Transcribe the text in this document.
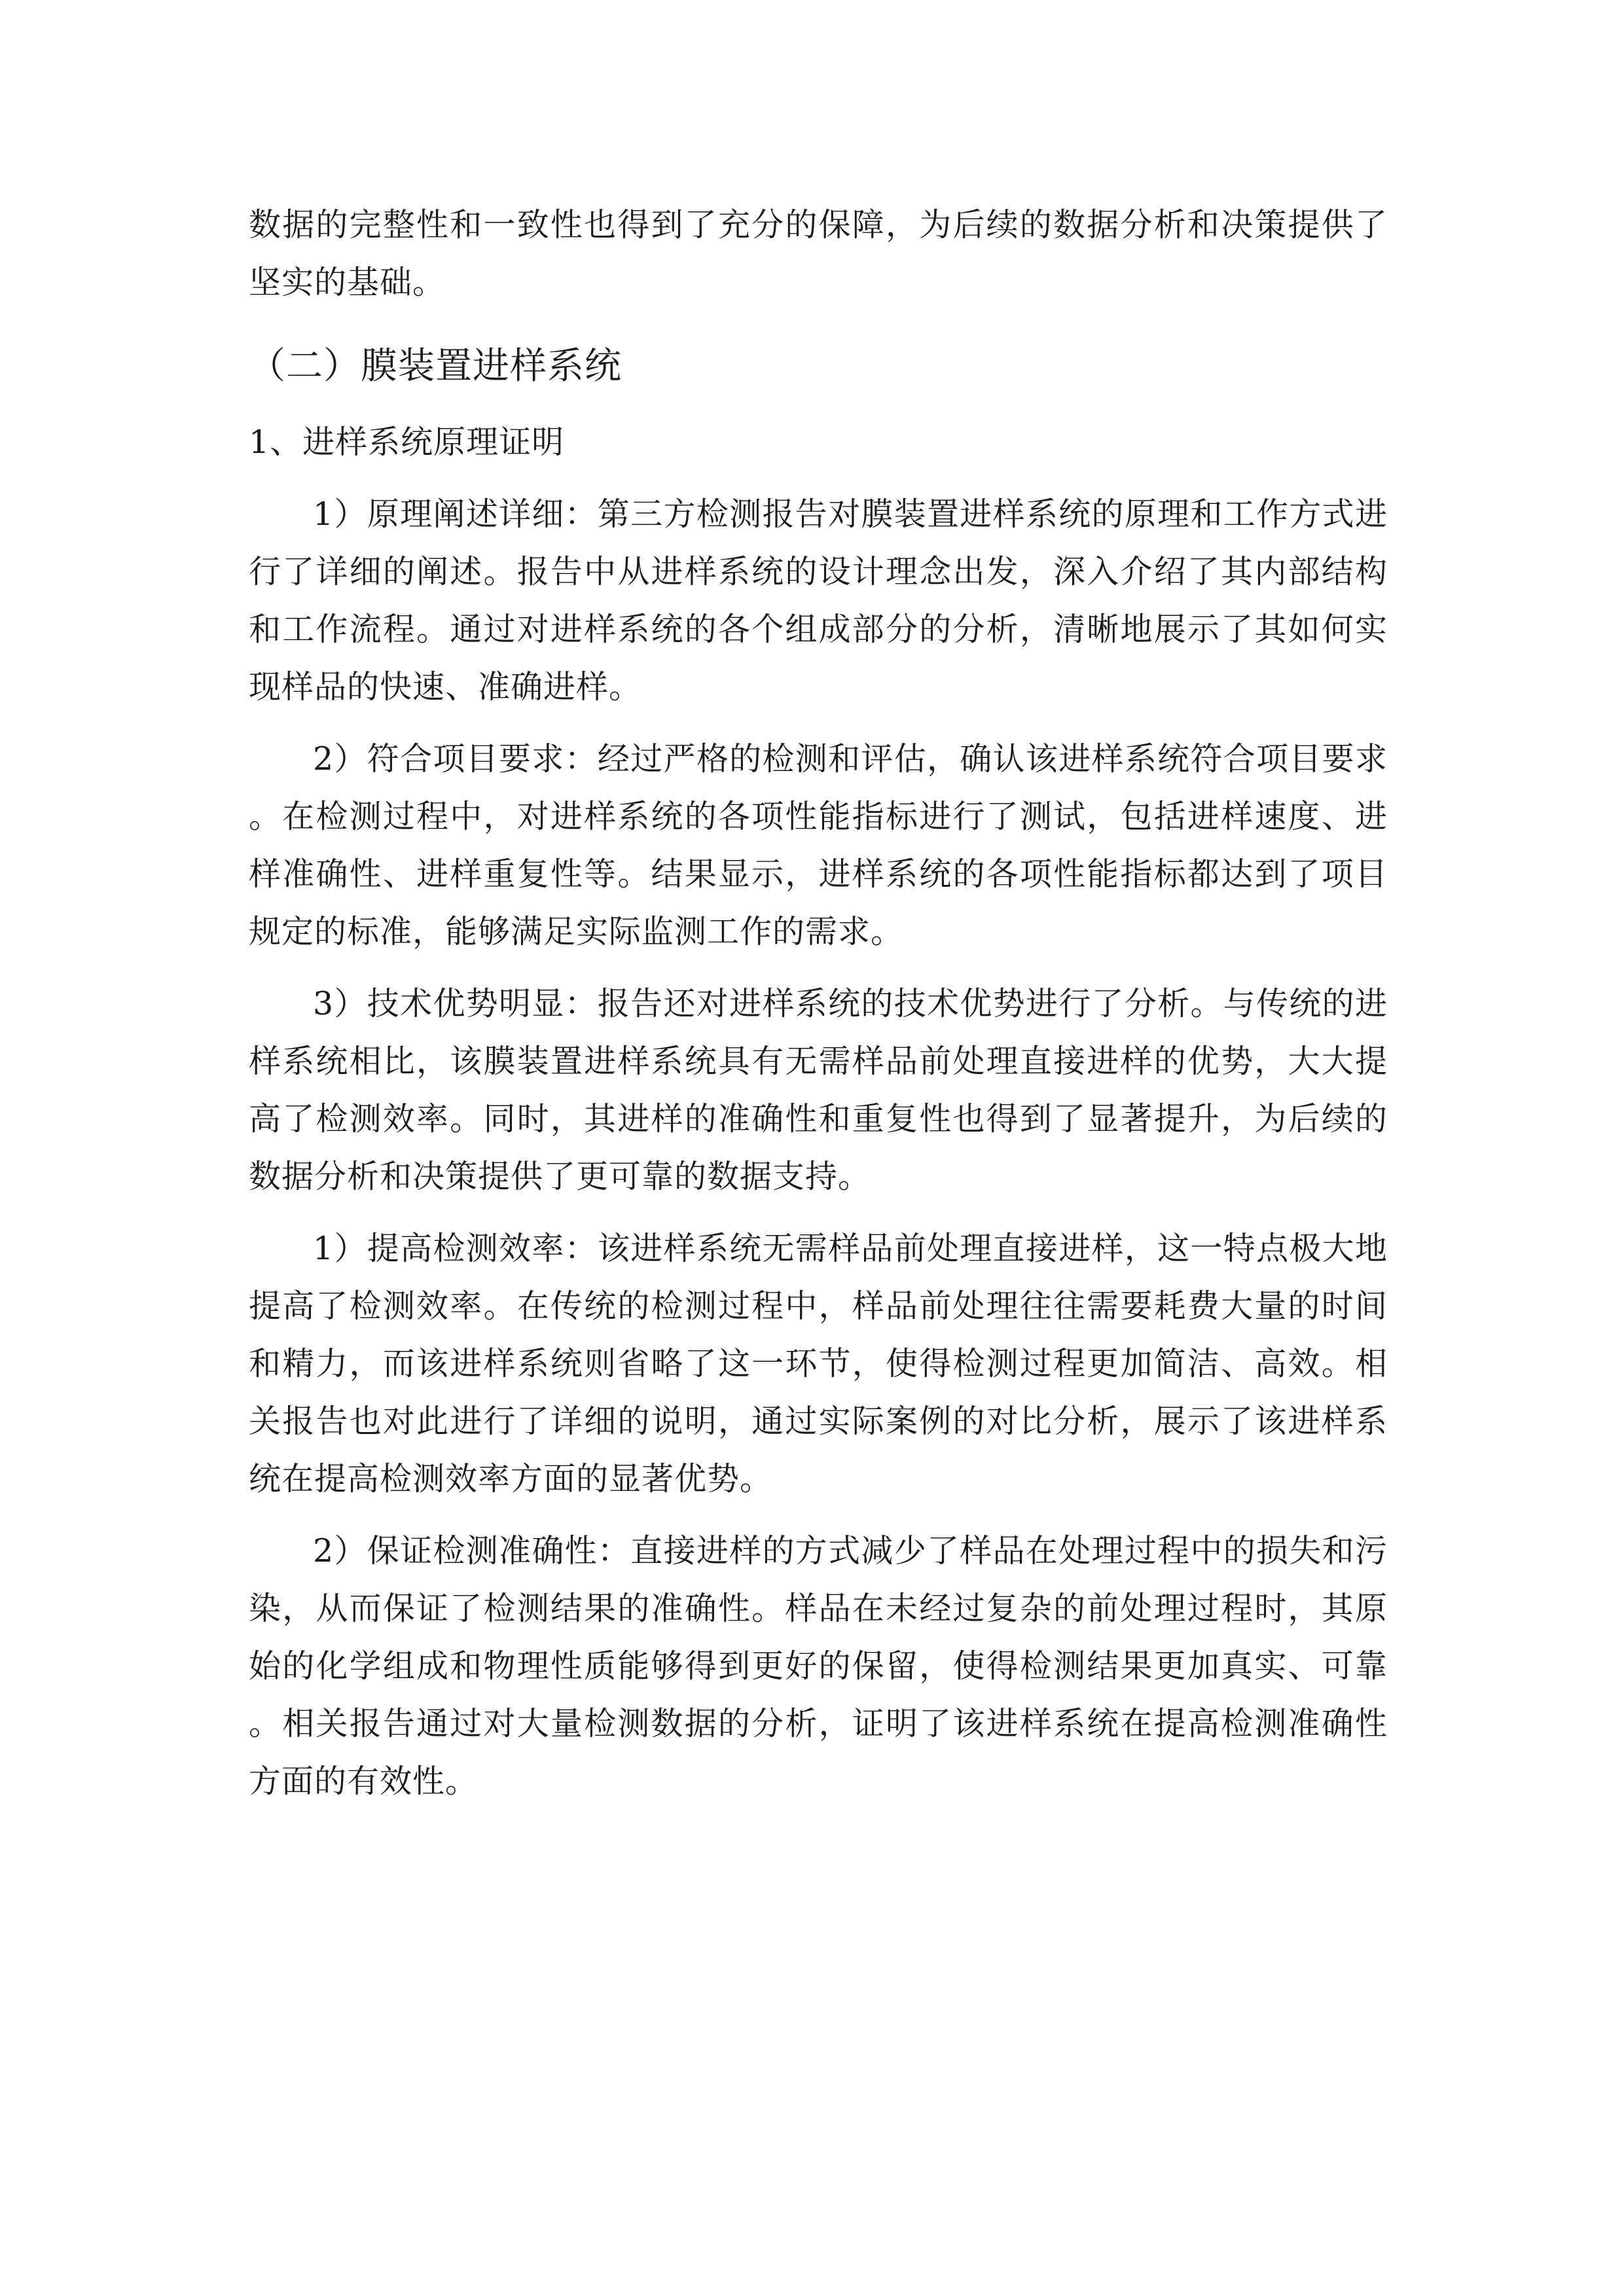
数据的完整性和一致性也得到了充分的保障，为后续的数据分析和决策提供了坚实的基础。

（二）膜装置进样系统
1、进样系统原理证明

1）原理阐述详细：第三方检测报告对膜装置进样系统的原理和工作方式进行了详细的阐述。报告中从进样系统的设计理念出发，深入介绍了其内部结构和工作流程。通过对进样系统的各个组成部分的分析，清晰地展示了其如何实现样品的快速、准确进样。

2）符合项目要求：经过严格的检测和评估，确认该进样系统符合项目要求。在检测过程中，对进样系统的各项性能指标进行了测试，包括进样速度、进样准确性、进样重复性等。结果显示，进样系统的各项性能指标都达到了项目规定的标准，能够满足实际监测工作的需求。

3）技术优势明显：报告还对进样系统的技术优势进行了分析。与传统的进样系统相比，该膜装置进样系统具有无需样品前处理直接进样的优势，大大提高了检测效率。同时，其进样的准确性和重复性也得到了显著提升，为后续的数据分析和决策提供了更可靠的数据支持。

1）提高检测效率：该进样系统无需样品前处理直接进样，这一特点极大地提高了检测效率。在传统的检测过程中，样品前处理往往需要耗费大量的时间和精力，而该进样系统则省略了这一环节，使得检测过程更加简洁、高效。相关报告也对此进行了详细的说明，通过实际案例的对比分析，展示了该进样系统在提高检测效率方面的显著优势。

2）保证检测准确性：直接进样的方式减少了样品在处理过程中的损失和污染，从而保证了检测结果的准确性。样品在未经过复杂的前处理过程时，其原始的化学组成和物理性质能够得到更好的保留，使得检测结果更加真实、可靠。相关报告通过对大量检测数据的分析，证明了该进样系统在提高检测准确性方面的有效性。
